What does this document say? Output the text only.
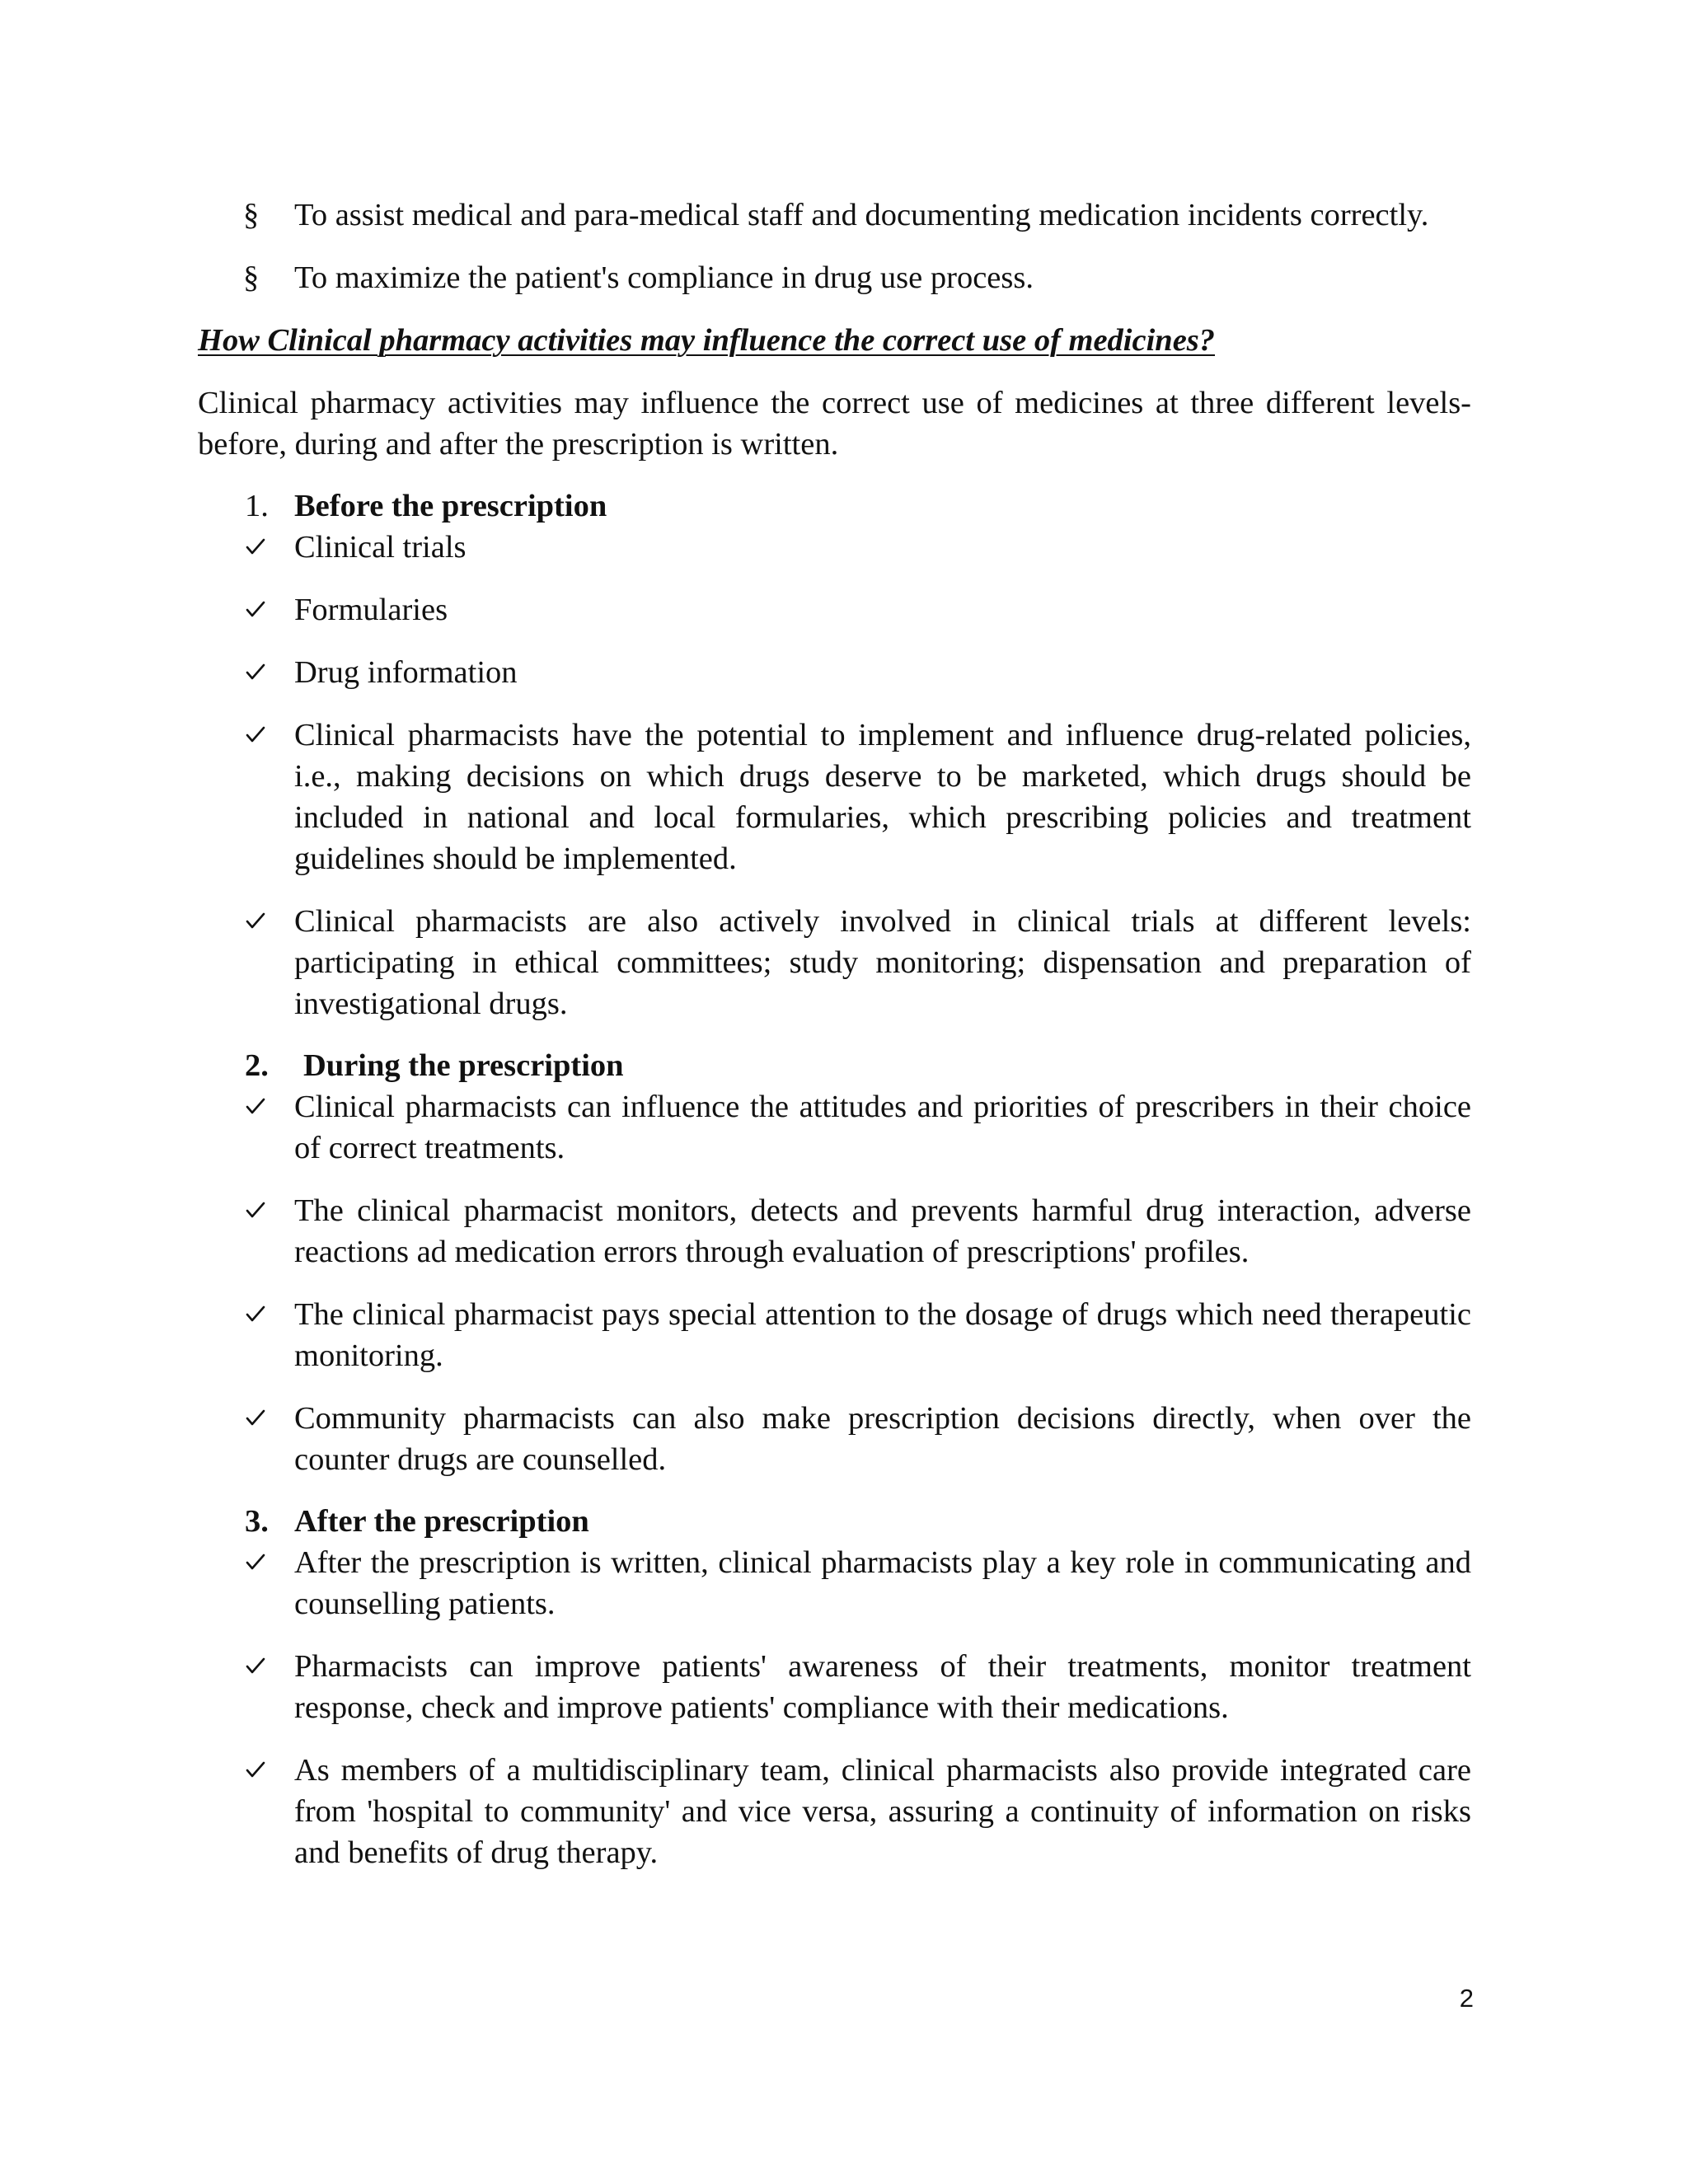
§	To assist medical and para-medical staff and documenting medication incidents correctly.
§	To maximize the patient's compliance in drug use process.
How Clinical pharmacy activities may influence the correct use of medicines?
Clinical pharmacy activities may influence the correct use of medicines at three different levels-before, during and after the prescription is written.
1. Before the prescription
Clinical trials
Formularies
Drug information
Clinical pharmacists have the potential to implement and influence drug-related policies, i.e., making decisions on which drugs deserve to be marketed, which drugs should be included in national and local formularies, which prescribing policies and treatment guidelines should be implemented.
Clinical pharmacists are also actively involved in clinical trials at different levels: participating in ethical committees; study monitoring; dispensation and preparation of investigational drugs.
2.	During the prescription
Clinical pharmacists can influence the attitudes and priorities of prescribers in their choice of correct treatments.
The clinical pharmacist monitors, detects and prevents harmful drug interaction, adverse reactions ad medication errors through evaluation of prescriptions' profiles.
The clinical pharmacist pays special attention to the dosage of drugs which need therapeutic monitoring.
Community pharmacists can also make prescription decisions directly, when over the counter drugs are counselled.
3. After the prescription
After the prescription is written, clinical pharmacists play a key role in communicating and counselling patients.
Pharmacists can improve patients' awareness of their treatments, monitor treatment response, check and improve patients' compliance with their medications.
As members of a multidisciplinary team, clinical pharmacists also provide integrated care from 'hospital to community' and vice versa, assuring a continuity of information on risks and benefits of drug therapy.
2
